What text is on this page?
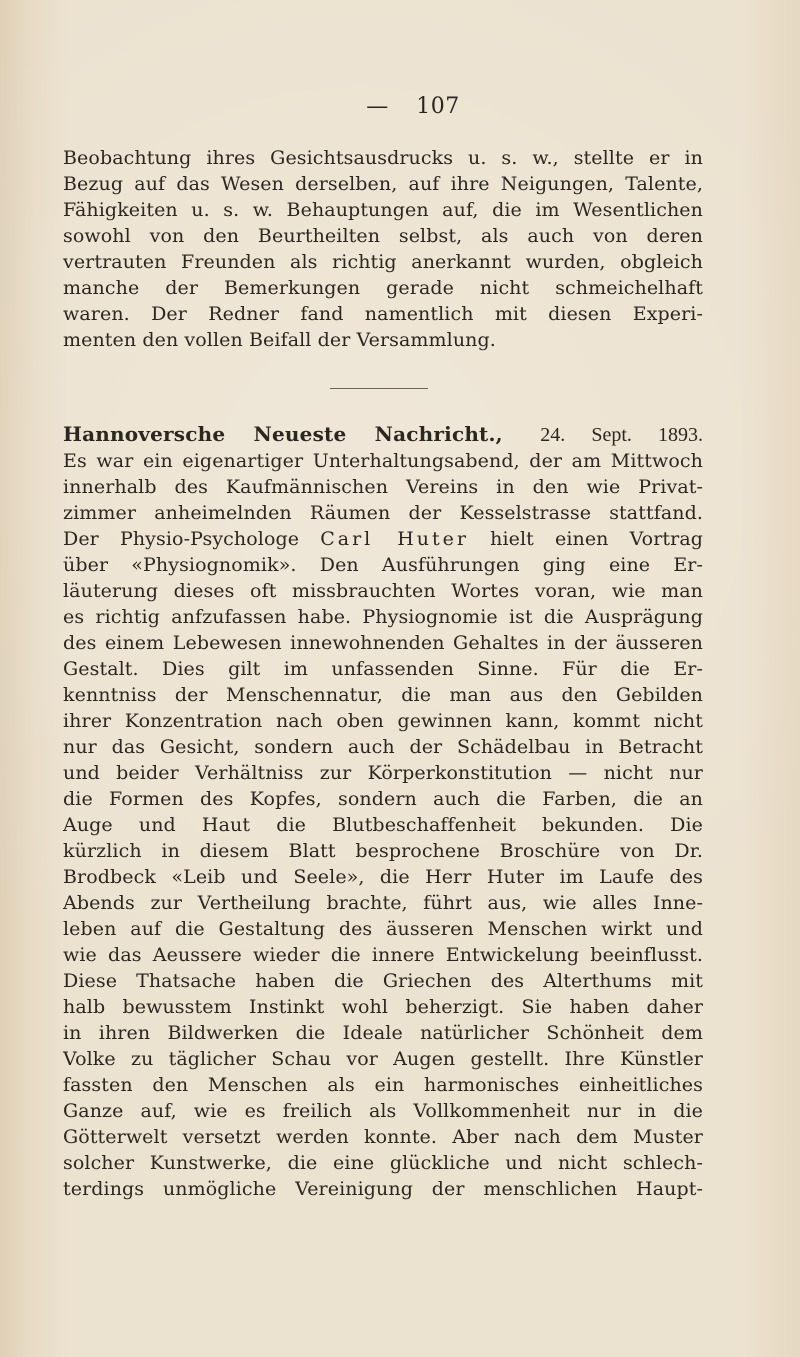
— 107
Beobachtung ihres Gesichtsausdrucks u. s. w., stellte er in
Bezug auf das Wesen derselben, auf ihre Neigungen, Talente,
Fähigkeiten u. s. w. Behauptungen auf, die im Wesentlichen
sowohl von den Beurtheilten selbst, als auch von deren
vertrauten Freunden als richtig anerkannt wurden, obgleich
manche der Bemerkungen gerade nicht schmeichelhaft
waren. Der Redner fand namentlich mit diesen Experi-
menten den vollen Beifall der Versammlung.
Hannoversche Neueste Nachricht., 24. Sept. 1893.
Es war ein eigenartiger Unterhaltungsabend, der am Mittwoch
innerhalb des Kaufmännischen Vereins in den wie Privat-
zimmer anheimelnden Räumen der Kesselstrasse stattfand.
Der Physio-Psychologe Carl Huter hielt einen Vortrag
über «Physiognomik». Den Ausführungen ging eine Er-
läuterung dieses oft missbrauchten Wortes voran, wie man
es richtig anfzufassen habe. Physiognomie ist die Ausprägung
des einem Lebewesen innewohnenden Gehaltes in der äusseren
Gestalt. Dies gilt im unfassenden Sinne. Für die Er-
kenntniss der Menschennatur, die man aus den Gebilden
ihrer Konzentration nach oben gewinnen kann, kommt nicht
nur das Gesicht, sondern auch der Schädelbau in Betracht
und beider Verhältniss zur Körperkonstitution — nicht nur
die Formen des Kopfes, sondern auch die Farben, die an
Auge und Haut die Blutbeschaffenheit bekunden. Die
kürzlich in diesem Blatt besprochene Broschüre von Dr.
Brodbeck «Leib und Seele», die Herr Huter im Laufe des
Abends zur Vertheilung brachte, führt aus, wie alles Inne-
leben auf die Gestaltung des äusseren Menschen wirkt und
wie das Aeussere wieder die innere Entwickelung beeinflusst.
Diese Thatsache haben die Griechen des Alterthums mit
halb bewusstem Instinkt wohl beherzigt. Sie haben daher
in ihren Bildwerken die Ideale natürlicher Schönheit dem
Volke zu täglicher Schau vor Augen gestellt. Ihre Künstler
fassten den Menschen als ein harmonisches einheitliches
Ganze auf, wie es freilich als Vollkommenheit nur in die
Götterwelt versetzt werden konnte. Aber nach dem Muster
solcher Kunstwerke, die eine glückliche und nicht schlech-
terdings unmögliche Vereinigung der menschlichen Haupt-
